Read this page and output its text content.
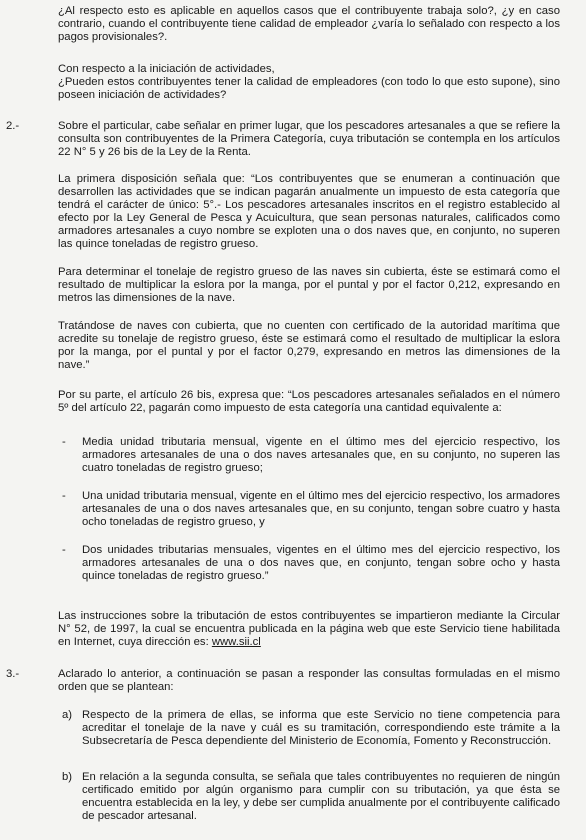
¿Al respecto esto es aplicable en aquellos casos que el contribuyente trabaja solo?, ¿y en caso contrario, cuando el contribuyente tiene calidad de empleador ¿varía lo señalado con respecto a los pagos provisionales?.
Con respecto a la iniciación de actividades,
¿Pueden estos contribuyentes tener la calidad de empleadores (con todo lo que esto supone), sino poseen iniciación de actividades?
2.-	Sobre el particular, cabe señalar en primer lugar, que los pescadores artesanales a que se refiere la consulta son contribuyentes de la Primera Categoría, cuya tributación se contempla en los artículos 22 N° 5 y 26 bis de la Ley de la Renta.
La primera disposición señala que: “Los contribuyentes que se enumeran a continuación que desarrollen las actividades que se indican pagarán anualmente un impuesto de esta categoría que tendrá el carácter de único: 5°.- Los pescadores artesanales inscritos en el registro establecido al efecto por la Ley General de Pesca y Acuicultura, que sean personas naturales, calificados como armadores artesanales a cuyo nombre se exploten una o dos naves que, en conjunto, no superen las quince toneladas de registro grueso.
Para determinar el tonelaje de registro grueso de las naves sin cubierta, éste se estimará como el resultado de multiplicar la eslora por la manga, por el puntal y por el factor 0,212, expresando en metros las dimensiones de la nave.
Tratándose de naves con cubierta, que no cuenten con certificado de la autoridad marítima que acredite su tonelaje de registro grueso, éste se estimará como el resultado de multiplicar la eslora por la manga, por el puntal y por el factor 0,279, expresando en metros las dimensiones de la nave.”
Por su parte, el artículo 26 bis, expresa que: “Los pescadores artesanales señalados en el número 5º del artículo 22, pagarán como impuesto de esta categoría una cantidad equivalente a:
- Media unidad tributaria mensual, vigente en el último mes del ejercicio respectivo, los armadores artesanales de una o dos naves artesanales que, en su conjunto, no superen las cuatro toneladas de registro grueso;
- Una unidad tributaria mensual, vigente en el último mes del ejercicio respectivo, los armadores artesanales de una o dos naves artesanales que, en su conjunto, tengan sobre cuatro y hasta ocho toneladas de registro grueso, y
- Dos unidades tributarias mensuales, vigentes en el último mes del ejercicio respectivo, los armadores artesanales de una o dos naves que, en conjunto, tengan sobre ocho y hasta quince toneladas de registro grueso.”
Las instrucciones sobre la tributación de estos contribuyentes se impartieron mediante la Circular N° 52, de 1997, la cual se encuentra publicada en la página web que este Servicio tiene habilitada en Internet, cuya dirección es: www.sii.cl
3.-	Aclarado lo anterior, a continuación se pasan a responder las consultas formuladas en el mismo orden que se plantean:
a) Respecto de la primera de ellas, se informa que este Servicio no tiene competencia para acreditar el tonelaje de la nave y cuál es su tramitación, correspondiendo este trámite a la Subsecretaría de Pesca dependiente del Ministerio de Economía, Fomento y Reconstrucción.
b) En relación a la segunda consulta, se señala que tales contribuyentes no requieren de ningún certificado emitido por algún organismo para cumplir con su tributación, ya que ésta se encuentra establecida en la ley, y debe ser cumplida anualmente por el contribuyente calificado de pescador artesanal.
